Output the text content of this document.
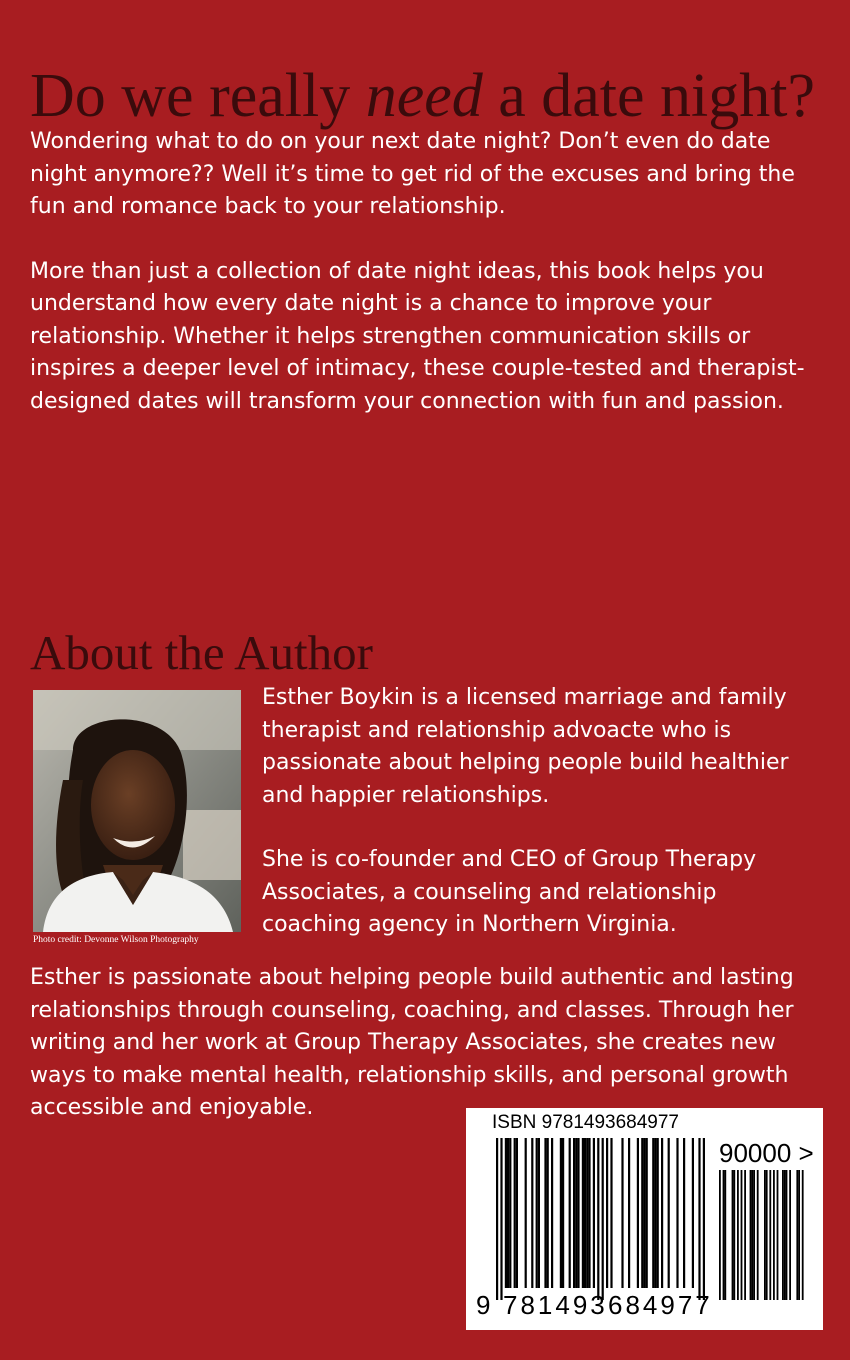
Do we really need a date night?

Wondering what to do on your next date night? Don’t even do date night anymore?? Well it’s time to get rid of the excuses and bring the fun and romance back to your relationship.

More than just a collection of date night ideas, this book helps you understand how every date night is a chance to improve your relationship. Whether it helps strengthen communication skills or inspires a deeper level of intimacy, these couple-tested and therapist-designed dates will transform your connection with fun and passion.

About the Author
Photo credit: Devonne Wilson Photography

Esther Boykin is a licensed marriage and family therapist and relationship advoacte who is passionate about helping people build healthier and happier relationships.

She is co-founder and CEO of Group Therapy Associates, a counseling and relationship coaching agency in Northern Virginia.

Esther is passionate about helping people build authentic and lasting relationships through counseling, coaching, and classes. Through her writing and her work at Group Therapy Associates, she creates new ways to make mental health, relationship skills, and personal growth accessible and enjoyable.

ISBN 9781493684977
90000 >
9 781493 684977
